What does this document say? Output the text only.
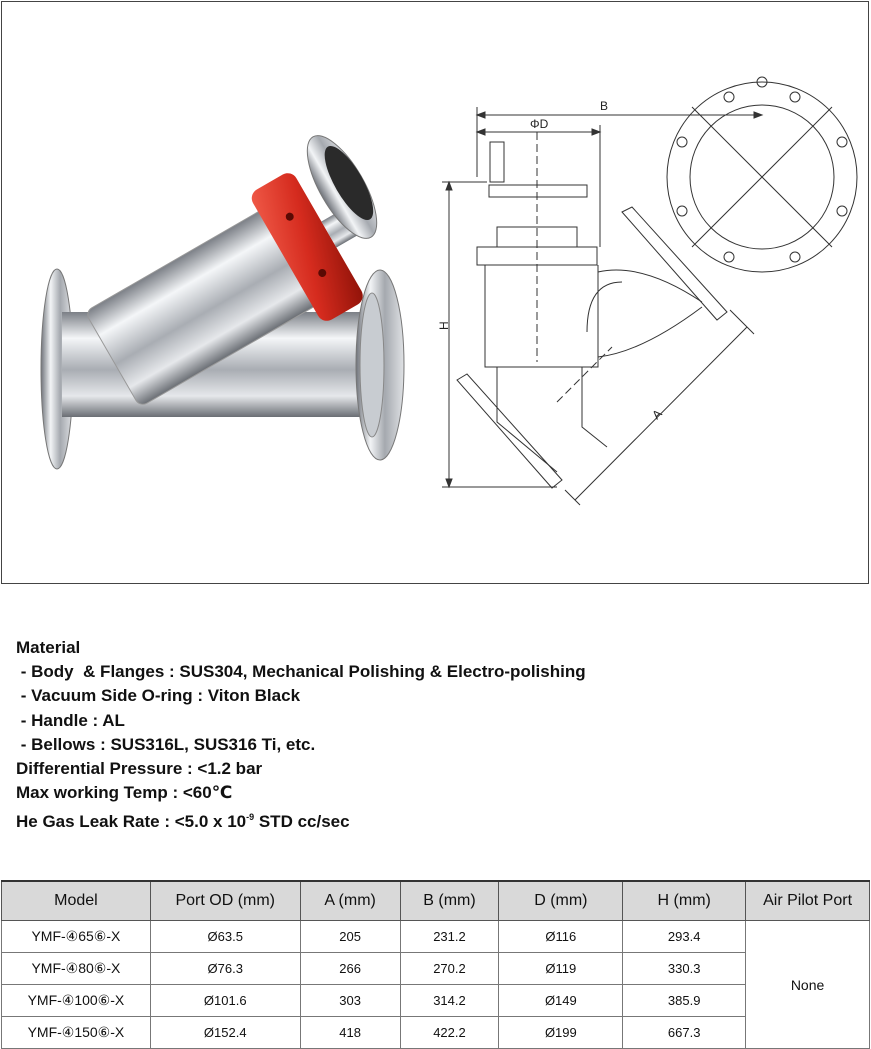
B
ΦD
H
A
Material
- Body  & Flanges : SUS304, Mechanical Polishing & Electro-polishing
- Vacuum Side O-ring : Viton Black
- Handle : AL
- Bellows : SUS316L, SUS316 Ti, etc.
Differential Pressure : <1.2 bar
Max working Temp : <60℃
He Gas Leak Rate : <5.0 x $10^{-9}$ STD cc/sec
Model	Port OD (mm)	A (mm)	B (mm)	D (mm)	H (mm)	Air Pilot Port
YMF-④65⑥-X	Ø63.5	205	231.2	Ø116	293.4	None
YMF-④80⑥-X	Ø76.3	266	270.2	Ø119	330.3	
YMF-④100⑥-X	Ø101.6	303	314.2	Ø149	385.9	
YMF-④150⑥-X	Ø152.4	418	422.2	Ø199	667.3	
